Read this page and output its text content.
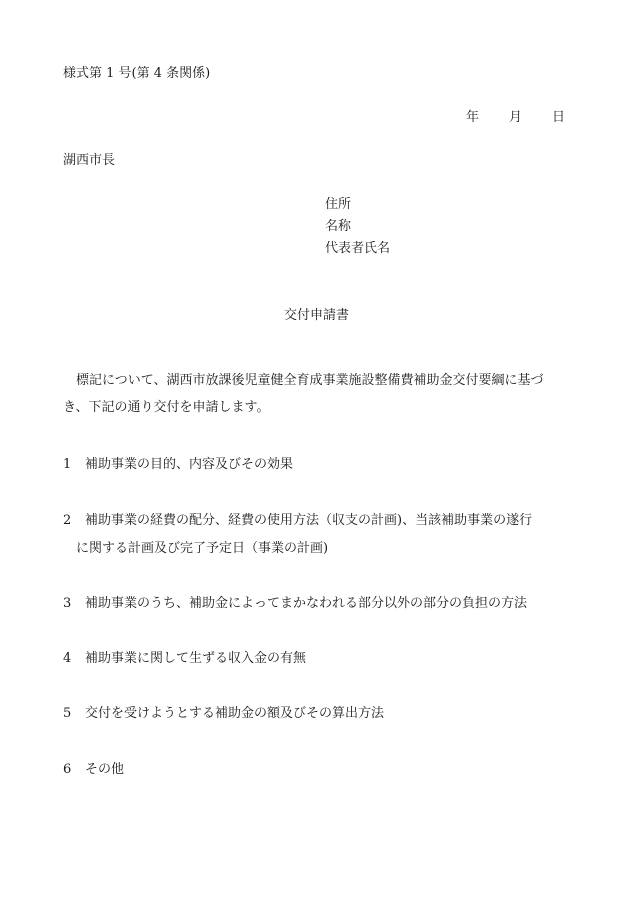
様式第 1 号(第 4 条関係)
年 月 日
湖西市長
住所
名称
代表者氏名
交付申請書
標記について、湖西市放課後児童健全育成事業施設整備費補助金交付要綱に基づ
き、下記の通り交付を申請します。
1 補助事業の目的、内容及びその効果
2 補助事業の経費の配分、経費の使用方法（収支の計画)、当該補助事業の遂行
に関する計画及び完了予定日（事業の計画)
3 補助事業のうち、補助金によってまかなわれる部分以外の部分の負担の方法
4 補助事業に関して生ずる収入金の有無
5 交付を受けようとする補助金の額及びその算出方法
6 その他
